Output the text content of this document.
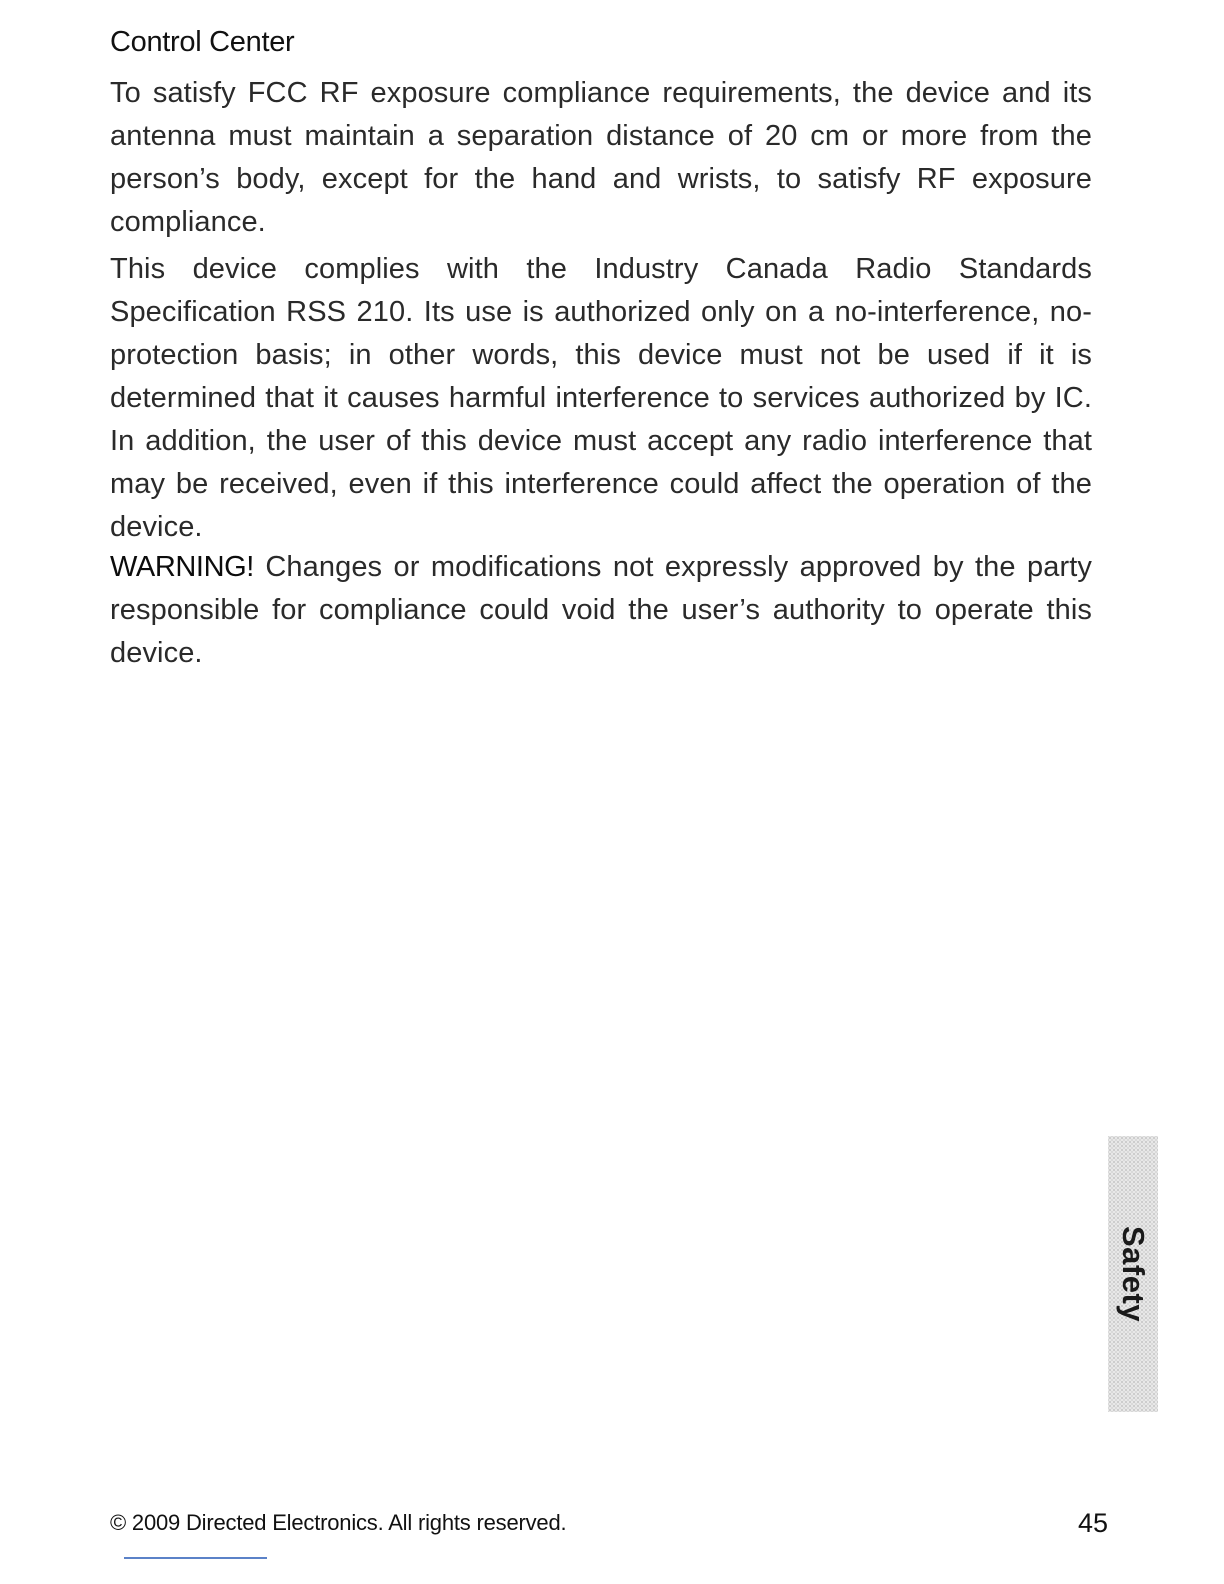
Control Center

To satisfy FCC RF exposure compliance requirements, the device and its antenna must maintain a separation distance of 20 cm or more from the person’s body, except for the hand and wrists, to satisfy RF exposure compliance.

This device complies with the Industry Canada Radio Standards Specification RSS 210. Its use is authorized only on a no-interference, no-protection basis; in other words, this device must not be used if it is determined that it causes harmful interference to services authorized by IC. In addition, the user of this device must accept any radio interference that may be received, even if this interference could affect the operation of the device.

WARNING! Changes or modifications not expressly approved by the party responsible for compliance could void the user’s authority to operate this device.

Safety
© 2009 Directed Electronics. All rights reserved.	45
